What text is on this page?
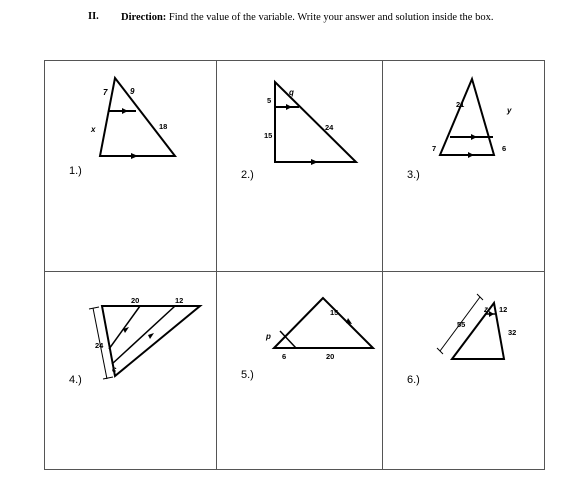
II. Direction: Find the value of the variable. Write your answer and solution inside the box.
1.)
7	9
x	18
2.)
5
q
15
24
3.)
21
y
7	6
4.)
20	12
24
c	5.)
15
p
6	20
6.)
55
z 12
32
